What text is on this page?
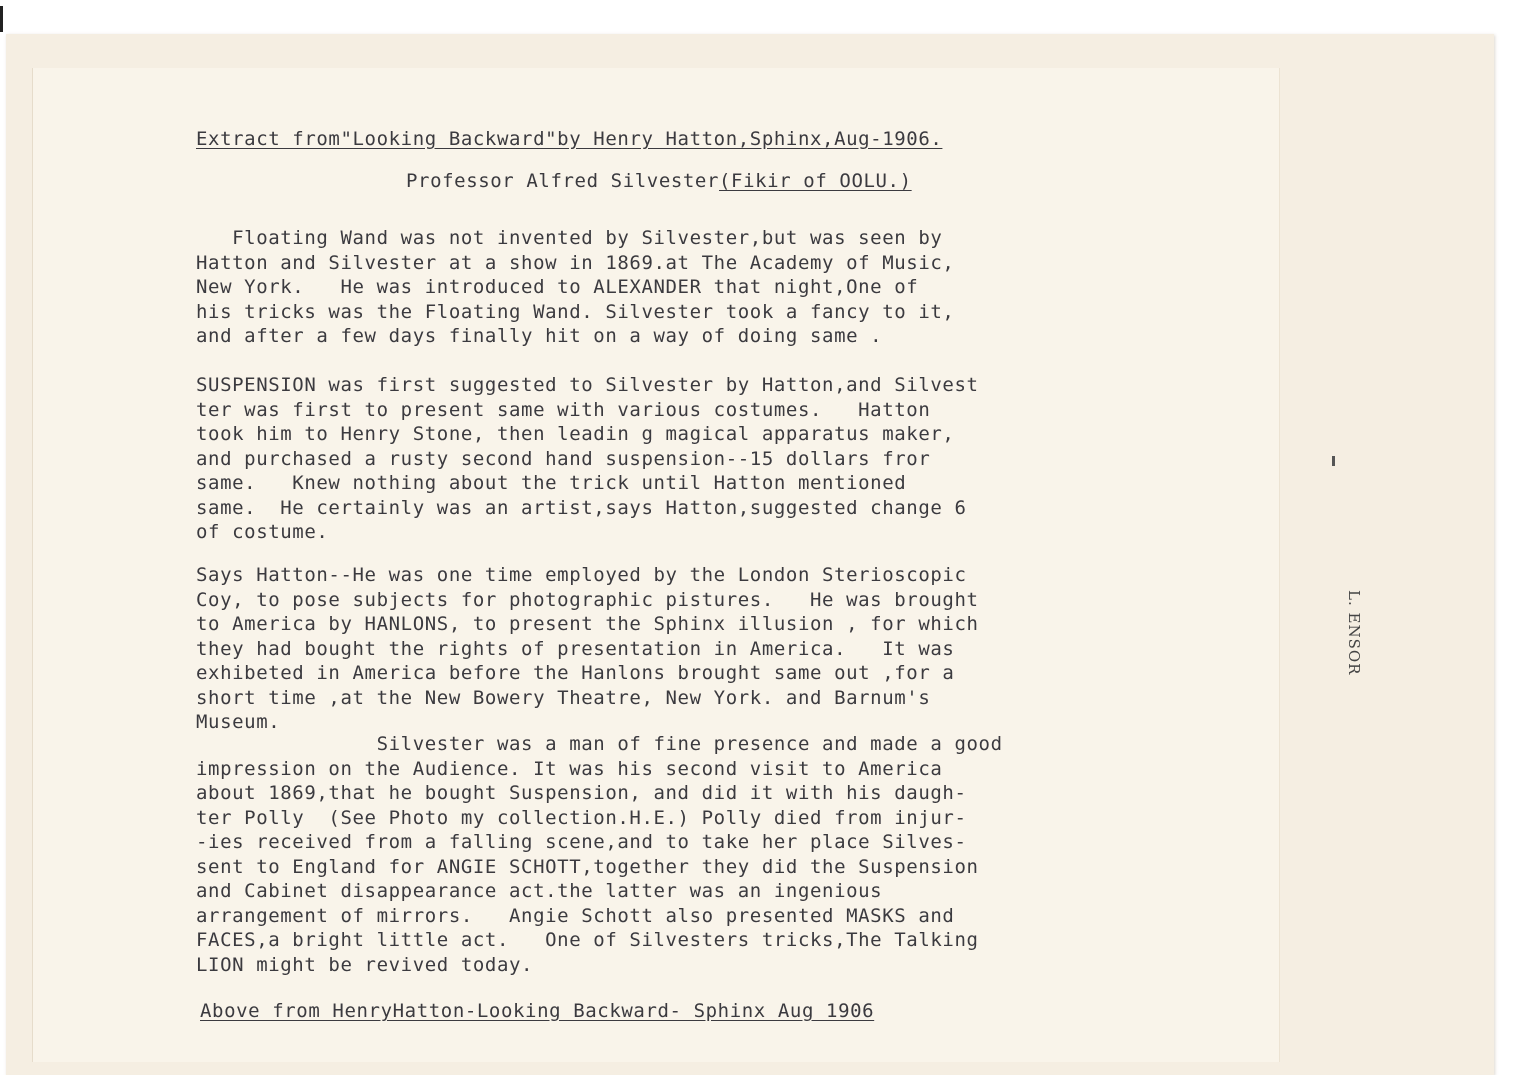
Extract from"Looking Backward"by Henry Hatton,Sphinx,Aug-1906.

Professor Alfred Silvester(Fikir of OOLU.)

Floating Wand was not invented by Silvester,but was seen by
Hatton and Silvester at a show in 1869.at The Academy of Music,
New York.   He was introduced to ALEXANDER that night,One of
his tricks was the Floating Wand. Silvester took a fancy to it,
and after a few days finally hit on a way of doing same .

SUSPENSION was first suggested to Silvester by Hatton,and Silvest
ter was first to present same with various costumes.   Hatton
took him to Henry Stone, then leadin g magical apparatus maker,
and purchased a rusty second hand suspension--15 dollars fror
same.   Knew nothing about the trick until Hatton mentioned
same.  He certainly was an artist,says Hatton,suggested change 6
of costume.

Says Hatton--He was one time employed by the London Sterioscopic
Coy, to pose subjects for photographic pistures.   He was brought
to America by HANLONS, to present the Sphinx illusion , for which
they had bought the rights of presentation in America.   It was
exhibeted in America before the Hanlons brought same out ,for a
short time ,at the New Bowery Theatre, New York. and Barnum's
Museum.

Silvester was a man of fine presence and made a good
impression on the Audience. It was his second visit to America
about 1869,that he bought Suspension, and did it with his daugh-
ter Polly  (See Photo my collection.H.E.) Polly died from injur-
-ies received from a falling scene,and to take her place Silves-
sent to England for ANGIE SCHOTT,together they did the Suspension
and Cabinet disappearance act.the latter was an ingenious
arrangement of mirrors.   Angie Schott also presented MASKS and
FACES,a bright little act.   One of Silvesters tricks,The Talking
LION might be revived today.

Above from HenryHatton-Looking Backward- Sphinx Aug 1906

L. ENSOR
